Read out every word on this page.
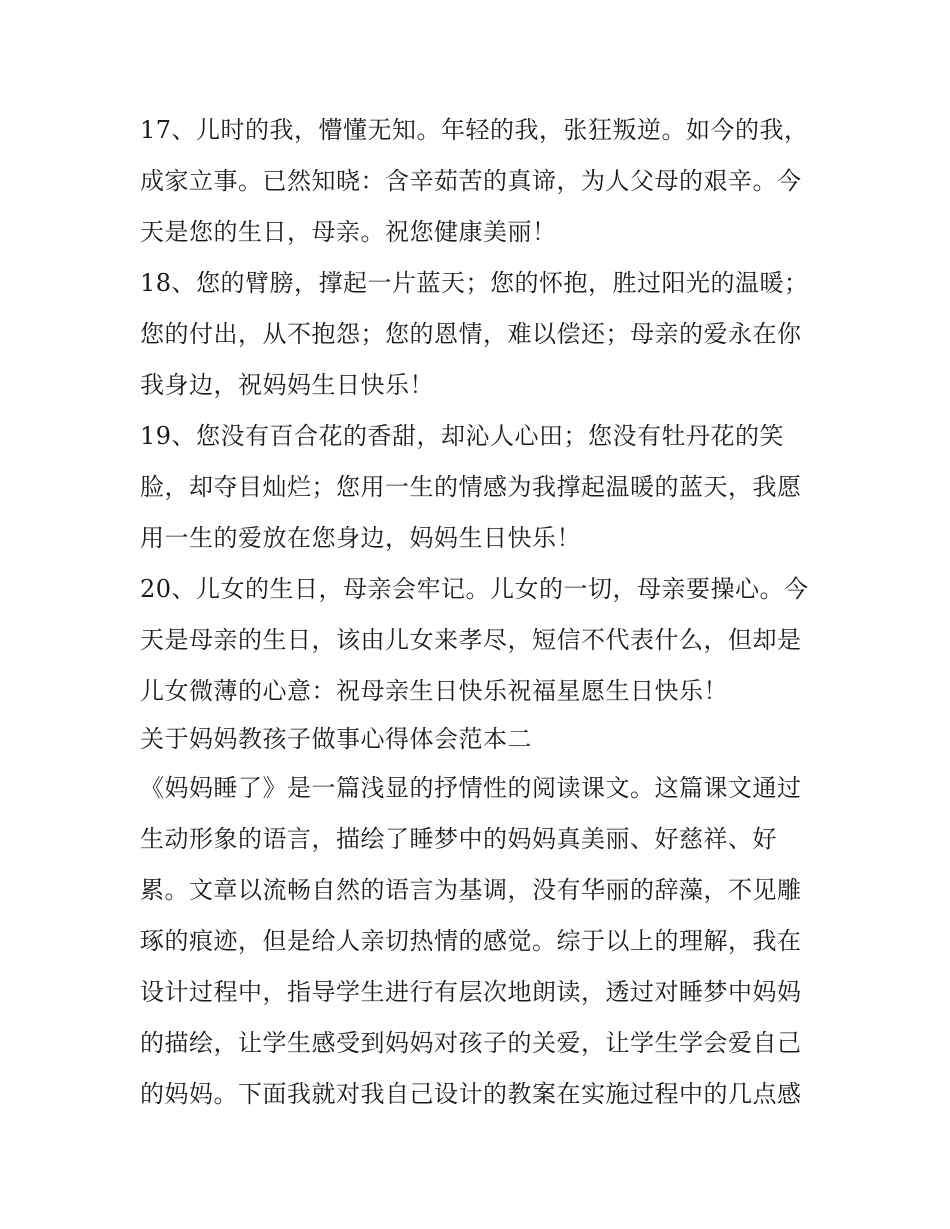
17、儿时的我，懵懂无知。年轻的我，张狂叛逆。如今的我，
成家立事。已然知晓：含辛茹苦的真谛，为人父母的艰辛。今
天是您的生日，母亲。祝您健康美丽！
18、您的臂膀，撑起一片蓝天；您的怀抱，胜过阳光的温暖；
您的付出，从不抱怨；您的恩情，难以偿还；母亲的爱永在你
我身边，祝妈妈生日快乐！
19、您没有百合花的香甜，却沁人心田；您没有牡丹花的笑
脸，却夺目灿烂；您用一生的情感为我撑起温暖的蓝天，我愿
用一生的爱放在您身边，妈妈生日快乐！
20、儿女的生日，母亲会牢记。儿女的一切，母亲要操心。今
天是母亲的生日，该由儿女来孝尽，短信不代表什么，但却是
儿女微薄的心意：祝母亲生日快乐祝福星愿生日快乐！
关于妈妈教孩子做事心得体会范本二
《妈妈睡了》是一篇浅显的抒情性的阅读课文。这篇课文通过
生动形象的语言，描绘了睡梦中的妈妈真美丽、好慈祥、好
累。文章以流畅自然的语言为基调，没有华丽的辞藻，不见雕
琢的痕迹，但是给人亲切热情的感觉。综于以上的理解，我在
设计过程中，指导学生进行有层次地朗读，透过对睡梦中妈妈
的描绘，让学生感受到妈妈对孩子的关爱，让学生学会爱自己
的妈妈。下面我就对我自己设计的教案在实施过程中的几点感
